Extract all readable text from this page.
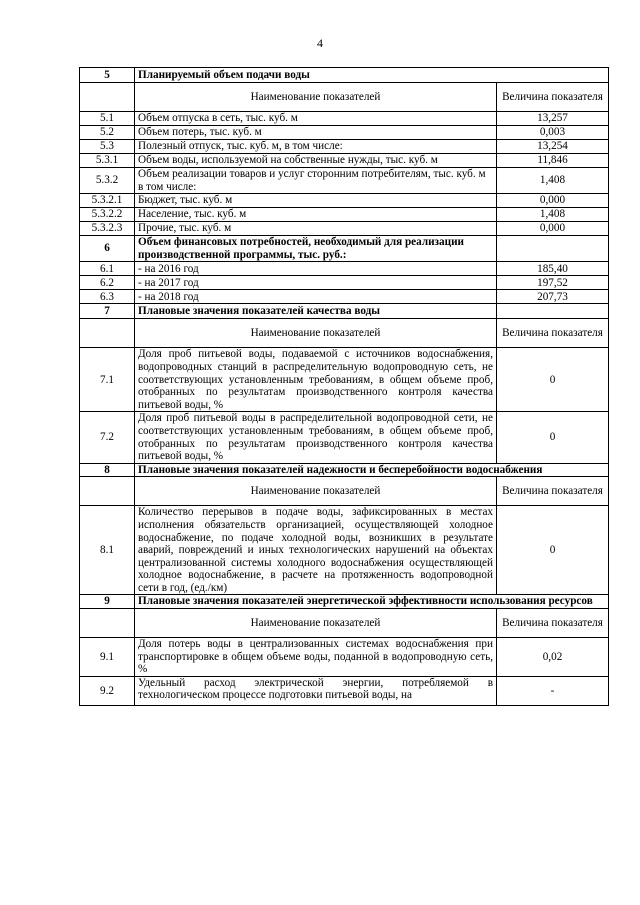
4
5	Планируемый объем подачи воды	
	Наименование показателей	Величина показателя
5.1	Объем отпуска в сеть, тыс. куб. м	13,257
5.2	Объем потерь, тыс. куб. м	0,003
5.3	Полезный отпуск, тыс. куб. м, в том числе:	13,254
5.3.1	Объем воды, используемой на собственные нужды, тыс. куб. м	11,846
5.3.2	Объем реализации товаров и услуг сторонним потребителям, тыс. куб. м в том числе:	1,408
5.3.2.1	Бюджет, тыс. куб. м	0,000
5.3.2.2	Население, тыс. куб. м	1,408
5.3.2.3	Прочие, тыс. куб. м	0,000
6	Объем финансовых потребностей, необходимый для реализации производственной программы, тыс. руб.:	
6.1	- на 2016 год	185,40
6.2	- на 2017 год	197,52
6.3	- на 2018 год	207,73
7	Плановые значения показателей качества воды	
	Наименование показателей	Величина показателя
7.1	Доля проб питьевой воды, подаваемой с источников водоснабжения, водопроводных станций в распределительную водопроводную сеть, не соответствующих установленным требованиям, в общем объеме проб, отобранных по результатам производственного контроля качества питьевой воды, %	0
7.2	Доля проб питьевой воды в распределительной водопроводной сети, не соответствующих установленным требованиям, в общем объеме проб, отобранных по результатам производственного контроля качества питьевой воды, %	0
8	Плановые значения показателей надежности и бесперебойности водоснабжения	
	Наименование показателей	Величина показателя
8.1	Количество перерывов в подаче воды, зафиксированных в местах исполнения обязательств организацией, осуществляющей холодное водоснабжение, по подаче холодной воды, возникших в результате аварий, повреждений и иных технологических нарушений на объектах централизованной системы холодного водоснабжения осуществляющей холодное водоснабжение, в расчете на протяженность водопроводной сети в год, (ед./км)	0
9	Плановые значения показателей энергетической эффективности использования ресурсов	
	Наименование показателей	Величина показателя
9.1	Доля потерь воды в централизованных системах водоснабжения при транспортировке в общем объеме воды, поданной в водопроводную сеть, %	0,02
9.2	Удельный расход электрической энергии, потребляемой в технологическом процессе подготовки питьевой воды, на	-
